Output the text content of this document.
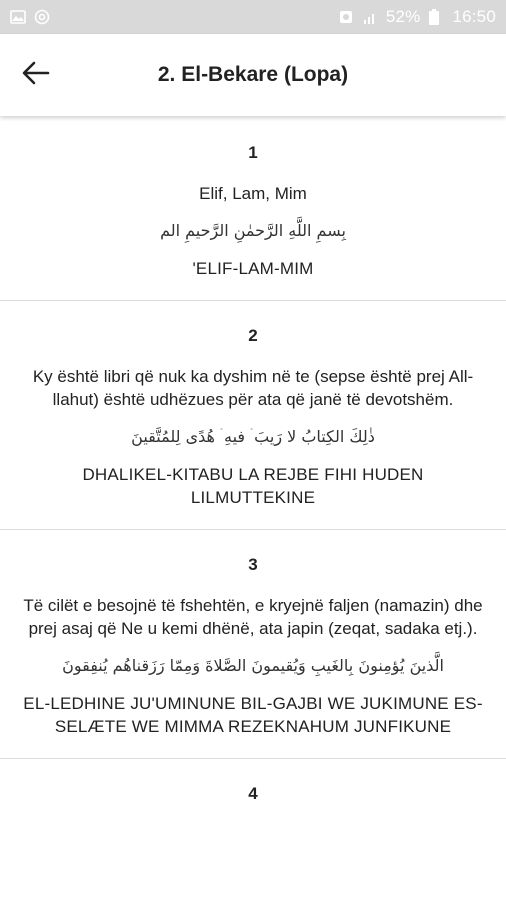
52% 16:50
2. El-Bekare (Lopa)
1
Elif, Lam, Mim
بِسمِ اللَّهِ الرَّحمٰنِ الرَّحيمِ الم
'ELIF-LAM-MIM
2
Ky është libri që nuk ka dyshim në te (sepse është prej All-llahut) është udhëzues për ata që janë të devotshëm.
ذٰلِكَ الكِتابُ لا رَيبَ ۛ فيهِ ۛ هُدًى لِلمُتَّقينَ
DHALIKEL-KITABU LA REJBE FIHI HUDEN LILMUTTEKINE
3
Të cilët e besojnë të fshehtën, e kryejnë faljen (namazin) dhe prej asaj që Ne u kemi dhënë, ata japin (zeqat, sadaka etj.).
الَّذينَ يُؤمِنونَ بِالغَيبِ وَيُقيمونَ الصَّلاةَ وَمِمّا رَزَقناهُم يُنفِقونَ
EL-LEDHINE JU'UMINUNE BIL-GAJBI WE JUKIMUNE ES-SELÆTE WE MIMMA REZEKNAHUM JUNFIKUNE
4
